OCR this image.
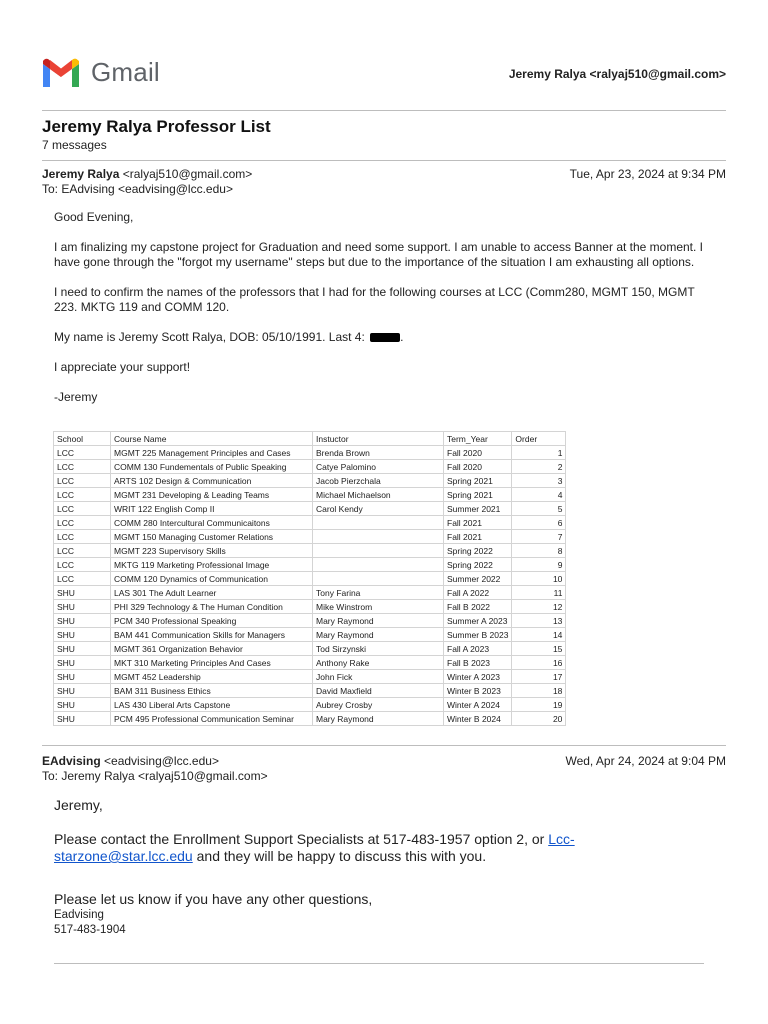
Gmail	Jeremy Ralya <ralyaj510@gmail.com>
Jeremy Ralya Professor List
7 messages
Jeremy Ralya <ralyaj510@gmail.com>	Tue, Apr 23, 2024 at 9:34 PM
To: EAdvising <eadvising@lcc.edu>

Good Evening,

I am finalizing my capstone project for Graduation and need some support. I am unable to access Banner at the moment. I have gone through the "forgot my username" steps but due to the importance of the situation I am exhausting all options.

I need to confirm the names of the professors that I had for the following courses at LCC (Comm280, MGMT 150, MGMT 223. MKTG 119 and COMM 120.

My name is Jeremy Scott Ralya, DOB: 05/10/1991. Last 4:	.

I appreciate your support!

-Jeremy

School	Course Name	Instuctor	Term_Year	Order
LCC	MGMT 225 Management Principles and Cases	Brenda Brown	Fall 2020	1
LCC	COMM 130 Fundementals of Public Speaking	Catye Palomino	Fall 2020	2
LCC	ARTS 102 Design & Communication	Jacob Pierzchala	Spring 2021	3
LCC	MGMT 231 Developing & Leading Teams	Michael Michaelson	Spring 2021	4
LCC	WRIT 122 English Comp II	Carol Kendy	Summer 2021	5
LCC	COMM 280 Intercultural Communicaitons		Fall 2021	6
LCC	MGMT 150 Managing Customer Relations		Fall 2021	7
LCC	MGMT 223 Supervisory Skills		Spring 2022	8
LCC	MKTG 119 Marketing Professional Image		Spring 2022	9
LCC	COMM 120 Dynamics of Communication		Summer 2022	10
SHU	LAS 301 The Adult Learner	Tony Farina	Fall A 2022	11
SHU	PHI 329 Technology & The Human Condition	Mike Winstrom	Fall B 2022	12
SHU	PCM 340 Professional Speaking	Mary Raymond	Summer A 2023	13
SHU	BAM 441 Communication Skills for Managers	Mary Raymond	Summer B 2023	14
SHU	MGMT 361 Organization Behavior	Tod Sirzynski	Fall A 2023	15
SHU	MKT 310 Marketing Principles And Cases	Anthony Rake	Fall B 2023	16
SHU	MGMT 452 Leadership	John Fick	Winter A 2023	17
SHU	BAM 311 Business Ethics	David Maxfield	Winter B 2023	18
SHU	LAS 430 Liberal Arts Capstone	Aubrey Crosby	Winter A 2024	19
SHU	PCM 495 Professional Communication Seminar	Mary Raymond	Winter B 2024	20
EAdvising <eadvising@lcc.edu>	Wed, Apr 24, 2024 at 9:04 PM
To: Jeremy Ralya <ralyaj510@gmail.com>

Jeremy,

Please contact the Enrollment Support Specialists at 517-483-1957 option 2, or Lcc-
starzone@star.lcc.edu and they will be happy to discuss this with you.

Please let us know if you have any other questions,
Eadvising
517-483-1904
